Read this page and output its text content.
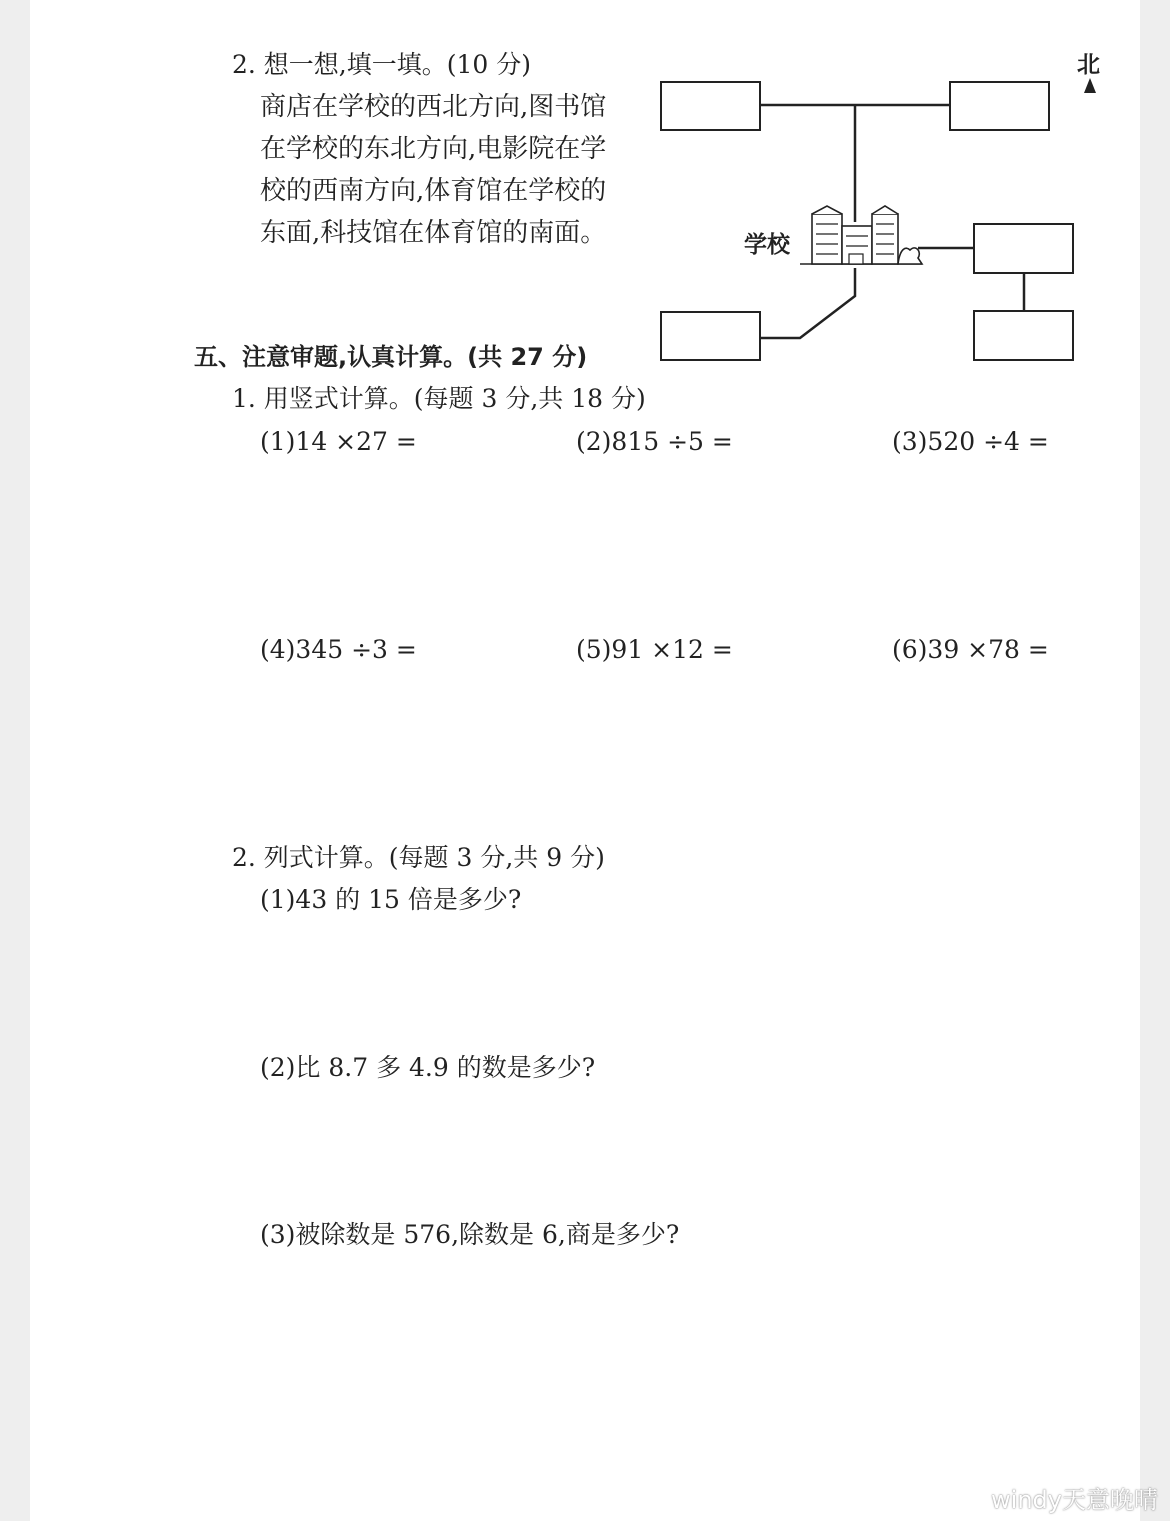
2. 想一想,填一填。(10 分)
商店在学校的西北方向,图书馆
在学校的东北方向,电影院在学
校的西南方向,体育馆在学校的
东面,科技馆在体育馆的南面。
北
学校
五、注意审题,认真计算。(共 27 分)
1. 用竖式计算。(每题 3 分,共 18 分)
(1)14 ×27 =	(2)815 ÷5 =	(3)520 ÷4 =
(4)345 ÷3 =	(5)91 ×12 =	(6)39 ×78 =
2. 列式计算。(每题 3 分,共 9 分)
(1)43 的 15 倍是多少?
(2)比 8.7 多 4.9 的数是多少?
(3)被除数是 576,除数是 6,商是多少?
windy天意晚晴
